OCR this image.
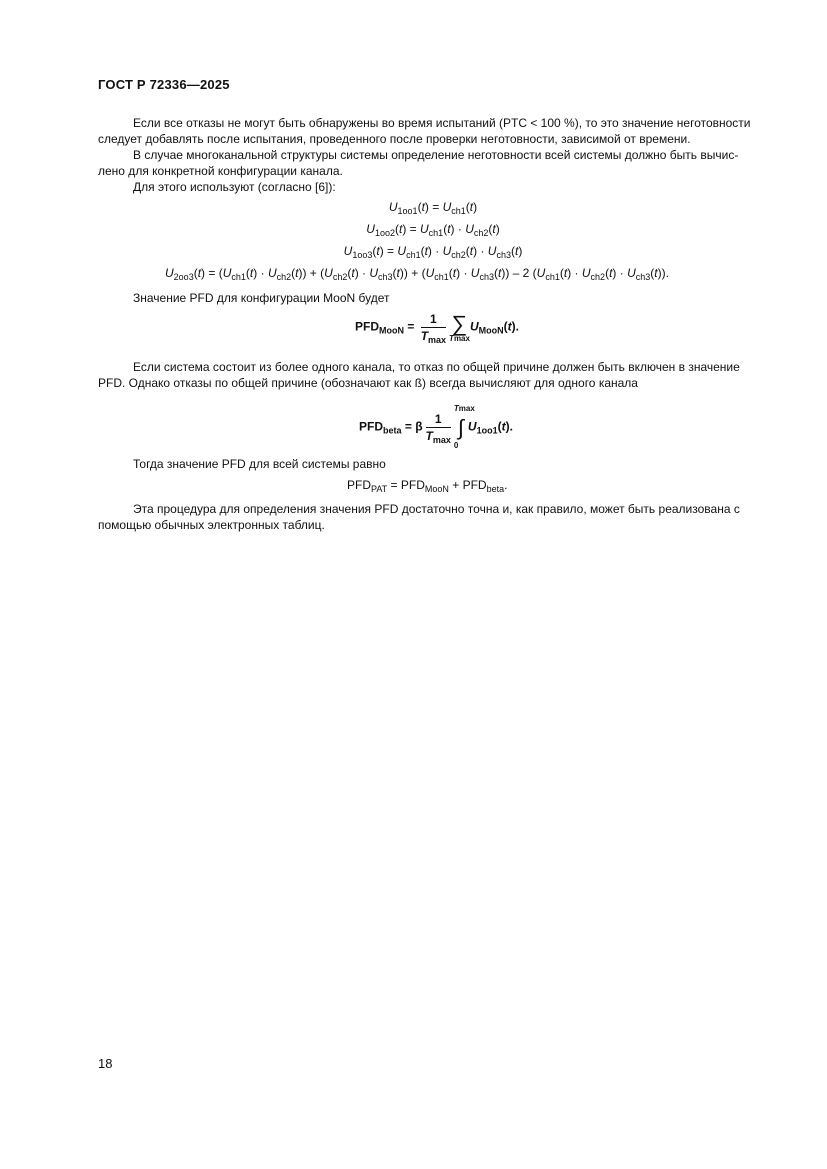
ГОСТ Р 72336—2025
Если все отказы не могут быть обнаружены во время испытаний (PTC < 100 %), то это значение неготовности
следует добавлять после испытания, проведенного после проверки неготовности, зависимой от времени.
В случае многоканальной структуры системы определение неготовности всей системы должно быть вычис-
лено для конкретной конфигурации канала.
Для этого используют (согласно [6]):
$U_{1oo1}(t) = U_{ch1}(t)$
$U_{1oo2}(t) = U_{ch1}(t) \cdot U_{ch2}(t)$
$U_{1oo3}(t) = U_{ch1}(t) \cdot U_{ch2}(t) \cdot U_{ch3}(t)$
$U_{2oo3}(t) = (U_{ch1}(t) \cdot U_{ch2}(t)) + (U_{ch2}(t) \cdot U_{ch3}(t)) + (U_{ch1}(t) \cdot U_{ch3}(t)) - 2$ $(U_{ch1}(t) \cdot U_{ch2}(t) \cdot U_{ch3}(t))$.
Значение PFD для конфигурации MooN будет
$PFD_{MooN} = \frac{1}{T_{max}}$ ∑
Tmax
$U_{MooN}(t)$.
Если система состоит из более одного канала, то отказ по общей причине должен быть включен в значение
PFD. Однако отказы по общей причине (обозначают как ß) всегда вычисляют для одного канала
$PFD_{beta} = \beta \frac{1}{T_{max}}$
Tmax
∫
0
$U_{1oo1}(t)$.
Тогда значение PFD для всей системы равно
$PFD_{PAT} = PFD_{MooN} + PFD_{beta}$.
Эта процедура для определения значения PFD достаточно точна и, как правило, может быть реализована с
помощью обычных электронных таблиц.
18
